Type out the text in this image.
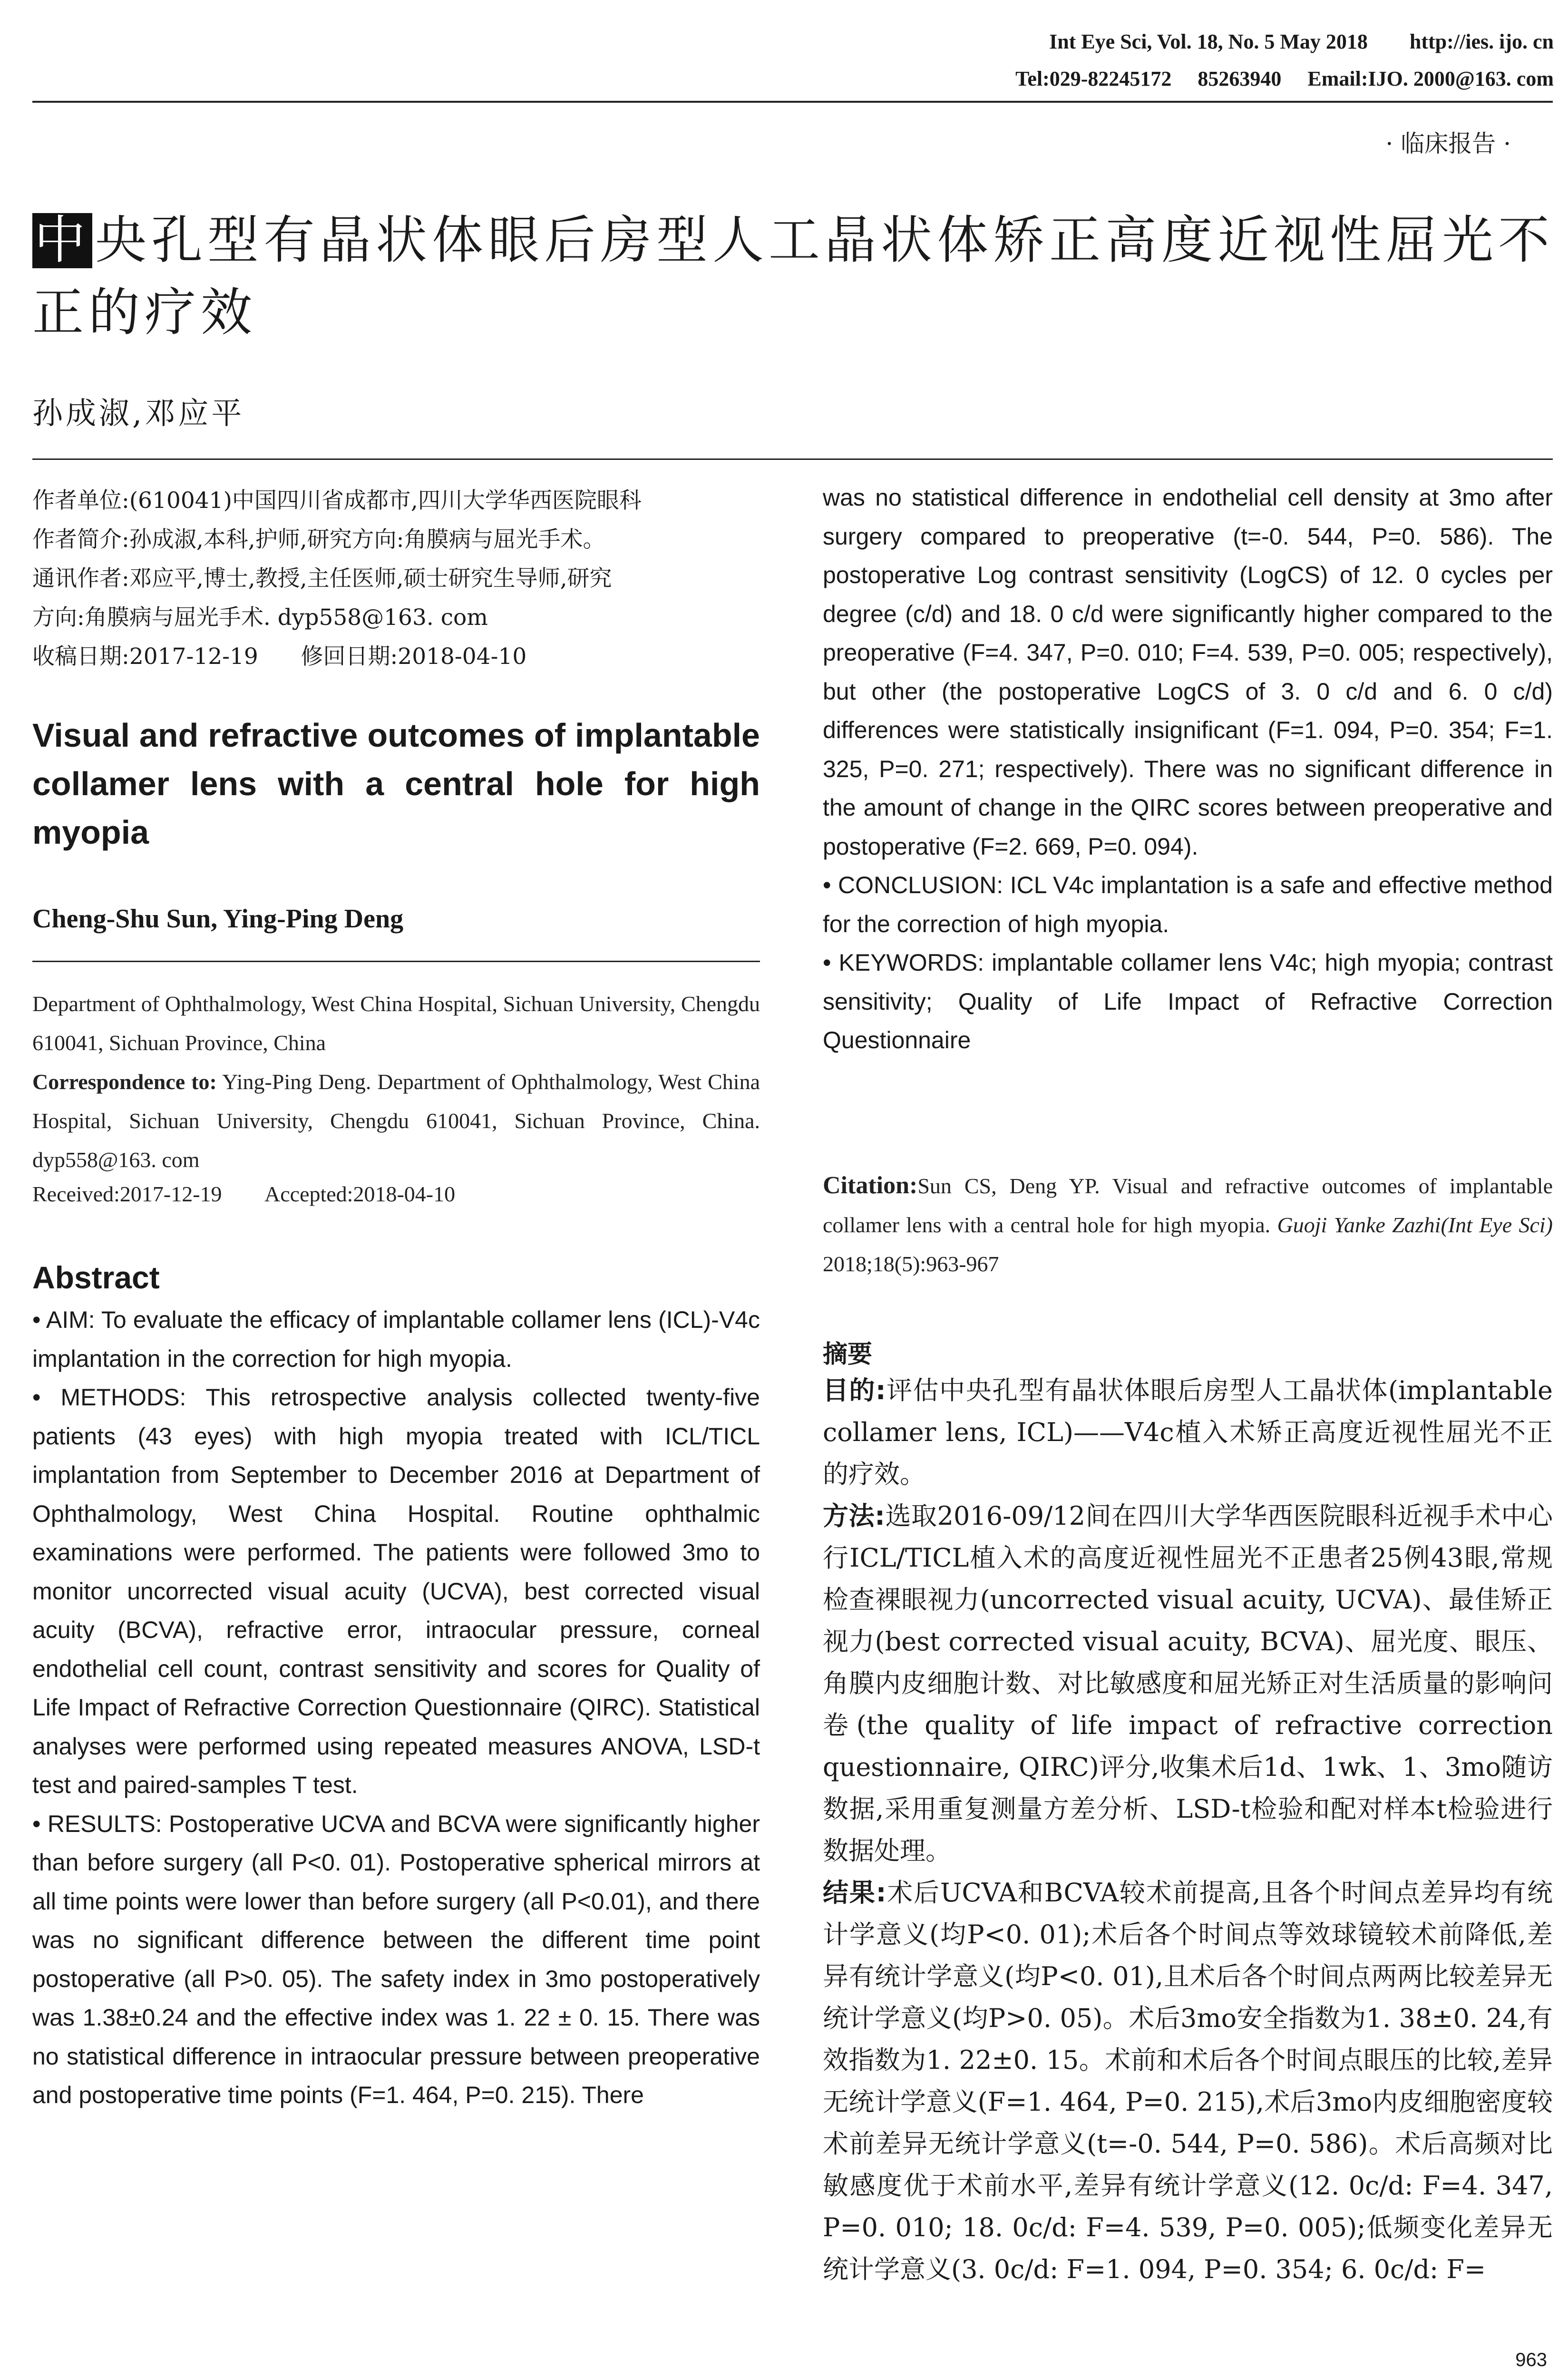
Int Eye Sci, Vol. 18, No. 5 May 2018        http://ies. ijo. cn
Tel:029-82245172     85263940     Email:IJO. 2000@163. com
· 临床报告 ·
中央孔型有晶状体眼后房型人工晶状体矫正高度近视性屈光不正的疗效
孙成淑,邓应平
作者单位:(610041)中国四川省成都市,四川大学华西医院眼科
作者简介:孙成淑,本科,护师,研究方向:角膜病与屈光手术。
通讯作者:邓应平,博士,教授,主任医师,硕士研究生导师,研究
方向:角膜病与屈光手术. dyp558@163. com
收稿日期:2017-12-19      修回日期:2018-04-10
Visual and refractive outcomes of implantable collamer lens with a central hole for high myopia
Cheng-Shu Sun, Ying-Ping Deng
Department of Ophthalmology, West China Hospital, Sichuan University, Chengdu 610041, Sichuan Province, China
Correspondence to: Ying-Ping Deng. Department of Ophthalmology, West China Hospital, Sichuan University, Chengdu 610041, Sichuan Province, China. dyp558@163. com
Received:2017-12-19        Accepted:2018-04-10
Abstract

• AIM: To evaluate the efficacy of implantable collamer lens (ICL)-V4c implantation in the correction for high myopia.

• METHODS: This retrospective analysis collected twenty-five patients (43 eyes) with high myopia treated with ICL/TICL implantation from September to December 2016 at Department of Ophthalmology, West China Hospital. Routine ophthalmic examinations were performed. The patients were followed 3mo to monitor uncorrected visual acuity (UCVA), best corrected visual acuity (BCVA), refractive error, intraocular pressure, corneal endothelial cell count, contrast sensitivity and scores for Quality of Life Impact of Refractive Correction Questionnaire (QIRC). Statistical analyses were performed using repeated measures ANOVA, LSD-t test and paired-samples T test.

• RESULTS: Postoperative UCVA and BCVA were significantly higher than before surgery (all P<0. 01). Postoperative spherical mirrors at all time points were lower than before surgery (all P<0.01), and there was no significant difference between the different time point postoperative (all P>0. 05). The safety index in 3mo postoperatively was 1.38±0.24 and the effective index was 1. 22 ± 0. 15. There was no statistical difference in intraocular pressure between preoperative and postoperative time points (F=1. 464, P=0. 215). There

was no statistical difference in endothelial cell density at 3mo after surgery compared to preoperative (t=-0. 544, P=0. 586). The postoperative Log contrast sensitivity (LogCS) of 12. 0 cycles per degree (c/d) and 18. 0 c/d were significantly higher compared to the preoperative (F=4. 347, P=0. 010; F=4. 539, P=0. 005; respectively), but other (the postoperative LogCS of 3. 0 c/d and 6. 0 c/d) differences were statistically insignificant (F=1. 094, P=0. 354; F=1. 325, P=0. 271; respectively). There was no significant difference in the amount of change in the QIRC scores between preoperative and postoperative (F=2. 669, P=0. 094).

• CONCLUSION: ICL V4c implantation is a safe and effective method for the correction of high myopia.

• KEYWORDS: implantable collamer lens V4c; high myopia; contrast sensitivity; Quality of Life Impact of Refractive Correction Questionnaire

Citation:Sun CS, Deng YP. Visual and refractive outcomes of implantable collamer lens with a central hole for high myopia. Guoji Yanke Zazhi(Int Eye Sci) 2018;18(5):963-967
摘要

目的:评估中央孔型有晶状体眼后房型人工晶状体(implantable collamer lens, ICL)——V4c植入术矫正高度近视性屈光不正的疗效。

方法:选取2016-09/12间在四川大学华西医院眼科近视手术中心行ICL/TICL植入术的高度近视性屈光不正患者25例43眼,常规检查裸眼视力(uncorrected visual acuity, UCVA)、最佳矫正视力(best corrected visual acuity, BCVA)、屈光度、眼压、角膜内皮细胞计数、对比敏感度和屈光矫正对生活质量的影响问卷(the quality of life impact of refractive correction questionnaire, QIRC)评分,收集术后1d、1wk、1、3mo随访数据,采用重复测量方差分析、LSD-t检验和配对样本t检验进行数据处理。

结果:术后UCVA和BCVA较术前提高,且各个时间点差异均有统计学意义(均P<0. 01);术后各个时间点等效球镜较术前降低,差异有统计学意义(均P<0. 01),且术后各个时间点两两比较差异无统计学意义(均P>0. 05)。术后3mo安全指数为1. 38±0. 24,有效指数为1. 22±0. 15。术前和术后各个时间点眼压的比较,差异无统计学意义(F=1. 464, P=0. 215),术后3mo内皮细胞密度较术前差异无统计学意义(t=-0. 544, P=0. 586)。术后高频对比敏感度优于术前水平,差异有统计学意义(12. 0c/d: F=4. 347, P=0. 010; 18. 0c/d: F=4. 539, P=0. 005);低频变化差异无统计学意义(3. 0c/d: F=1. 094, P=0. 354; 6. 0c/d: F=

963
